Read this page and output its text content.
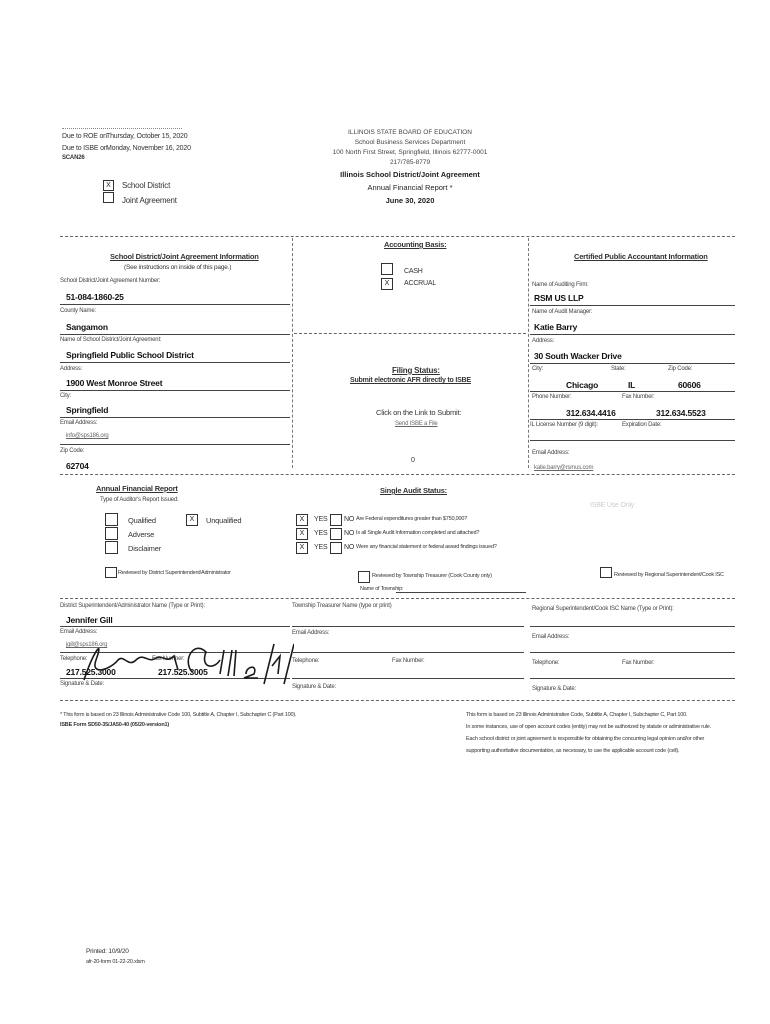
Due to ROE on Thursday, October 15, 2020
Due to ISBE on
Monday, November 16, 2020
SCAN26
X	School District
Joint Agreement
ILLINOIS STATE BOARD OF EDUCATION
School Business Services Department
100 North First Street, Springfield, Illinois 62777-0001
217/785-8779
Illinois School District/Joint Agreement
Annual Financial Report *
June 30, 2020
School District/Joint Agreement Information
(See instructions on inside of this page.)
School District/Joint Agreement Number:
51-084-1860-25
County Name:
Sangamon
Name of School District/Joint Agreement:
Springfield Public School District
Address:
1900 West Monroe Street
City:
Springfield
Email Address:
info@sps186.org
Zip Code:
62704
Accounting Basis:
X
CASH
ACCRUAL
Filing Status:
Submit electronic AFR directly to ISBE
Click on the Link to Submit:
Send ISBE a File
0
Certified Public Accountant Information
Name of Auditing Firm:
RSM US LLP
Name of Audit Manager:
Katie Barry
Address:
30 South Wacker Drive
City:	State:	Zip Code:
Chicago	IL	60606
Phone Number:	Fax Number:
312.634.4416	312.634.5523
IL License Number (9 digit):	Expiration Date:
Email Address:
katie.barry@rsmus.com
Annual Financial Report
Type of Auditor's Report Issued:
Qualified
Adverse
Disclaimer
X	Unqualified
Single Audit Status:
X	YES NO Are Federal expenditures greater than $750,000?
X	YES NO Is all Single Audit Information completed and attached?
X	YES NO Were any financial statement or federal award findings issued?
ISBE Use Only
Reviewed by District Superintendent/Administrator	Reviewed by Township Treasurer (Cook County only)
Name of Township:
Reviewed by Regional Superintendent/Cook ISC
District Superintendent/Administrator Name (Type or Print):
Jennifer Gill
Email Address:
jgill@sps186.org
Telephone:	Fax Number:
217.525.3000	217.525.3005
Signature & Date:
Township Treasurer Name (type or print)
Email Address:
Telephone:	Fax Number:
Signature & Date:
Regional Superintendent/Cook ISC Name (Type or Print):
Email Address:
Telephone:	Fax Number:
Signature & Date:
* This form is based on 23 Illinois Administrative Code 100, Subtitle A, Chapter I, Subchapter C (Part 100).
ISBE Form SD50-35/JA50-40 (05/20-version1)
This form is based on 23 Illinois Administrative Code, Subtitle A, Chapter I, Subchapter C, Part 100.
In some instances, use of open account codes (entity) may not be authorized by statute or administrative rule.
Each school district or joint agreement is responsible for obtaining the concurring legal opinion and/or other
supporting authoritative documentation, as necessary, to use the applicable account code (cell).
Printed: 10/9/20
afr-20-form 01-22-20.xlsm
